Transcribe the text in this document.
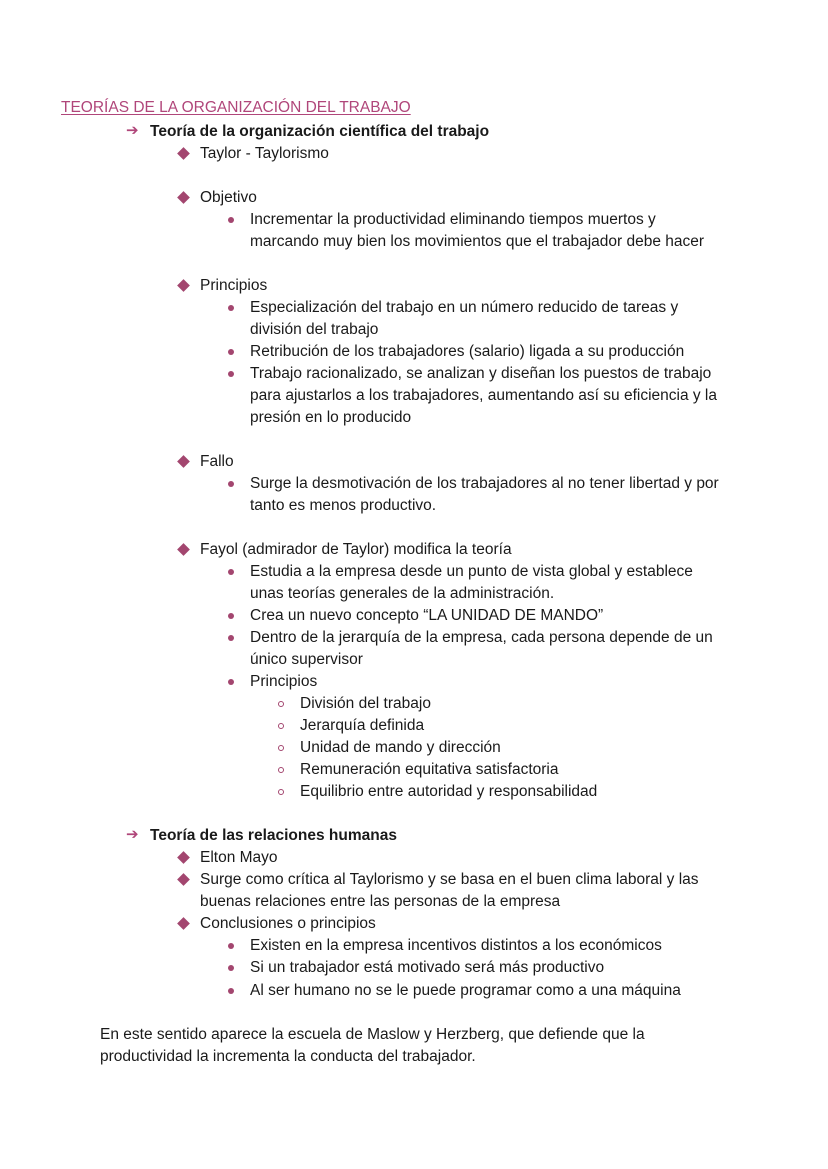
TEORÍAS DE LA ORGANIZACIÓN DEL TRABAJO
➔ Teoría de la organización científica del trabajo
Taylor - Taylorismo
Objetivo
Incrementar la productividad eliminando tiempos muertos y
marcando muy bien los movimientos que el trabajador debe hacer
Principios
Especialización del trabajo en un número reducido de tareas y
división del trabajo
Retribución de los trabajadores (salario) ligada a su producción
Trabajo racionalizado, se analizan y diseñan los puestos de trabajo
para ajustarlos a los trabajadores, aumentando así su eficiencia y la
presión en lo producido
Fallo
Surge la desmotivación de los trabajadores al no tener libertad y por
tanto es menos productivo.
Fayol (admirador de Taylor) modifica la teoría
Estudia a la empresa desde un punto de vista global y establece
unas teorías generales de la administración.
Crea un nuevo concepto “LA UNIDAD DE MANDO”
Dentro de la jerarquía de la empresa, cada persona depende de un
único supervisor
Principios
División del trabajo
Jerarquía definida
Unidad de mando y dirección
Remuneración equitativa satisfactoria
Equilibrio entre autoridad y responsabilidad
➔ Teoría de las relaciones humanas
Elton Mayo
Surge como crítica al Taylorismo y se basa en el buen clima laboral y las
buenas relaciones entre las personas de la empresa
Conclusiones o principios
Existen en la empresa incentivos distintos a los económicos
Si un trabajador está motivado será más productivo
Al ser humano no se le puede programar como a una máquina
En este sentido aparece la escuela de Maslow y Herzberg, que defiende que la
productividad la incrementa la conducta del trabajador.
